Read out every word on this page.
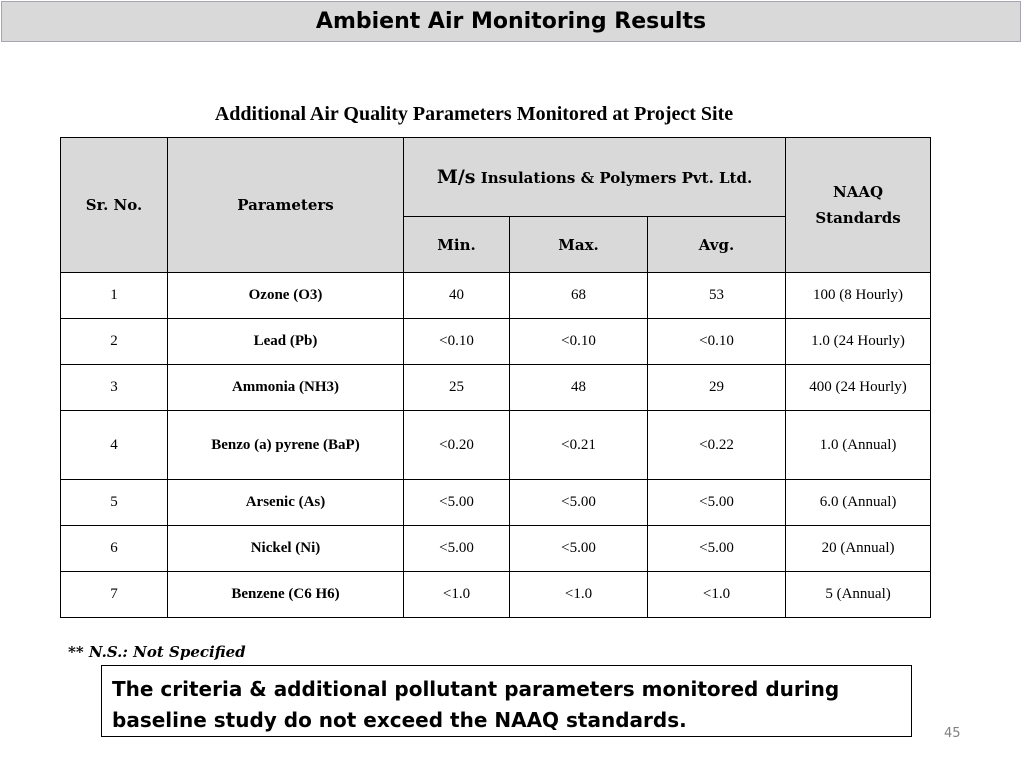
Ambient Air Monitoring Results
Additional Air Quality Parameters Monitored at Project Site
Sr. No.	Parameters	M/s Insulations & Polymers Pvt. Ltd.			NAAQ
Standards
		Min.	Max.	Avg.	
1	Ozone (O3)	40	68	53	100 (8 Hourly)
2	Lead (Pb)	<0.10	<0.10	<0.10	1.0 (24 Hourly)
3	Ammonia (NH3)	25	48	29	400 (24 Hourly)
4	Benzo (a) pyrene (BaP)	<0.20	<0.21	<0.22	1.0 (Annual)
5	Arsenic (As)	<5.00	<5.00	<5.00	6.0 (Annual)
6	Nickel (Ni)	<5.00	<5.00	<5.00	20 (Annual)
7	Benzene (C6 H6)	<1.0	<1.0	<1.0	5 (Annual)
** N.S.: Not Specified
The criteria & additional pollutant parameters monitored during baseline study do not exceed the NAAQ standards.
45
